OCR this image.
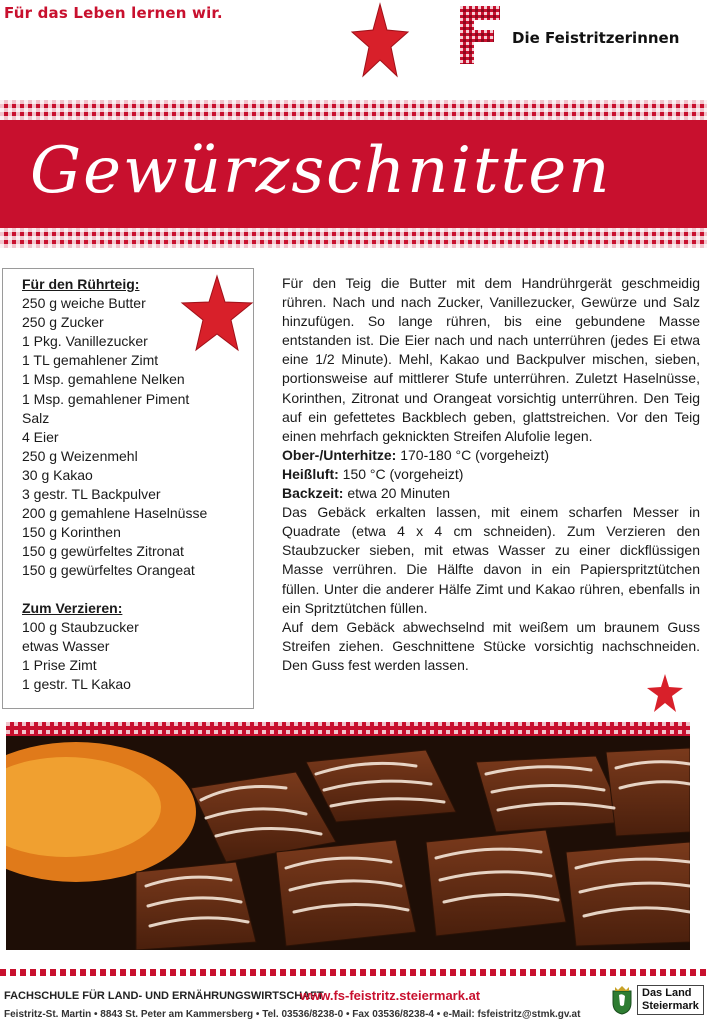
Für das Leben lernen wir.
Die Feistritzerinnen
Gewürzschnitten
Für den Rührteig:
250 g weiche Butter
250 g Zucker
1 Pkg. Vanillezucker
1 TL gemahlener Zimt
1 Msp. gemahlene Nelken
1 Msp. gemahlener Piment
Salz
4 Eier
250 g Weizenmehl
30 g Kakao
3 gestr. TL Backpulver
200 g gemahlene Haselnüsse
150 g Korinthen
150 g gewürfeltes Zitronat
150 g gewürfeltes Orangeat
Zum Verzieren:
100 g Staubzucker
etwas Wasser
1 Prise Zimt
1 gestr. TL Kakao

Für den Teig die Butter mit dem Handrührgerät geschmeidig rühren. Nach und nach Zucker, Vanillezucker, Gewürze und Salz hinzufügen. So lange rühren, bis eine gebundene Masse entstanden ist. Die Eier nach und nach unterrühren (jedes Ei etwa eine 1/2 Minute). Mehl, Kakao und Backpulver mischen, sieben, portionsweise auf mittlerer Stufe unterrühren. Zuletzt Haselnüsse, Korinthen, Zitronat und Orangeat vorsichtig unterrühren. Den Teig auf ein gefettetes Backblech geben, glattstreichen. Vor den Teig einen mehrfach geknickten Streifen Alufolie legen.

Ober-/Unterhitze: 170-180 °C (vorgeheizt)

Heißluft: 150 °C (vorgeheizt)

Backzeit: etwa 20 Minuten

Das Gebäck erkalten lassen, mit einem scharfen Messer in Quadrate (etwa 4 x 4 cm schneiden). Zum Verzieren den Staubzucker sieben, mit etwas Wasser zu einer dickflüssigen Masse verrühren. Die Hälfte davon in ein Papierspritztütchen füllen. Unter die anderer Hälfe Zimt und Kakao rühren, ebenfalls in ein Spritztütchen füllen.

Auf dem Gebäck abwechselnd mit weißem um braunem Guss Streifen ziehen. Geschnittene Stücke vorsichtig nachschneiden. Den Guss fest werden lassen.

FACHSCHULE FÜR LAND- UND ERNÄHRUNGSWIRTSCHAFT
www.fs-feistritz.steiermark.at
Feistritz-St. Martin • 8843 St. Peter am Kammersberg • Tel. 03536/8238-0 • Fax 03536/8238-4 • e-Mail: fsfeistritz@stmk.gv.at
Das Land
Steiermark
